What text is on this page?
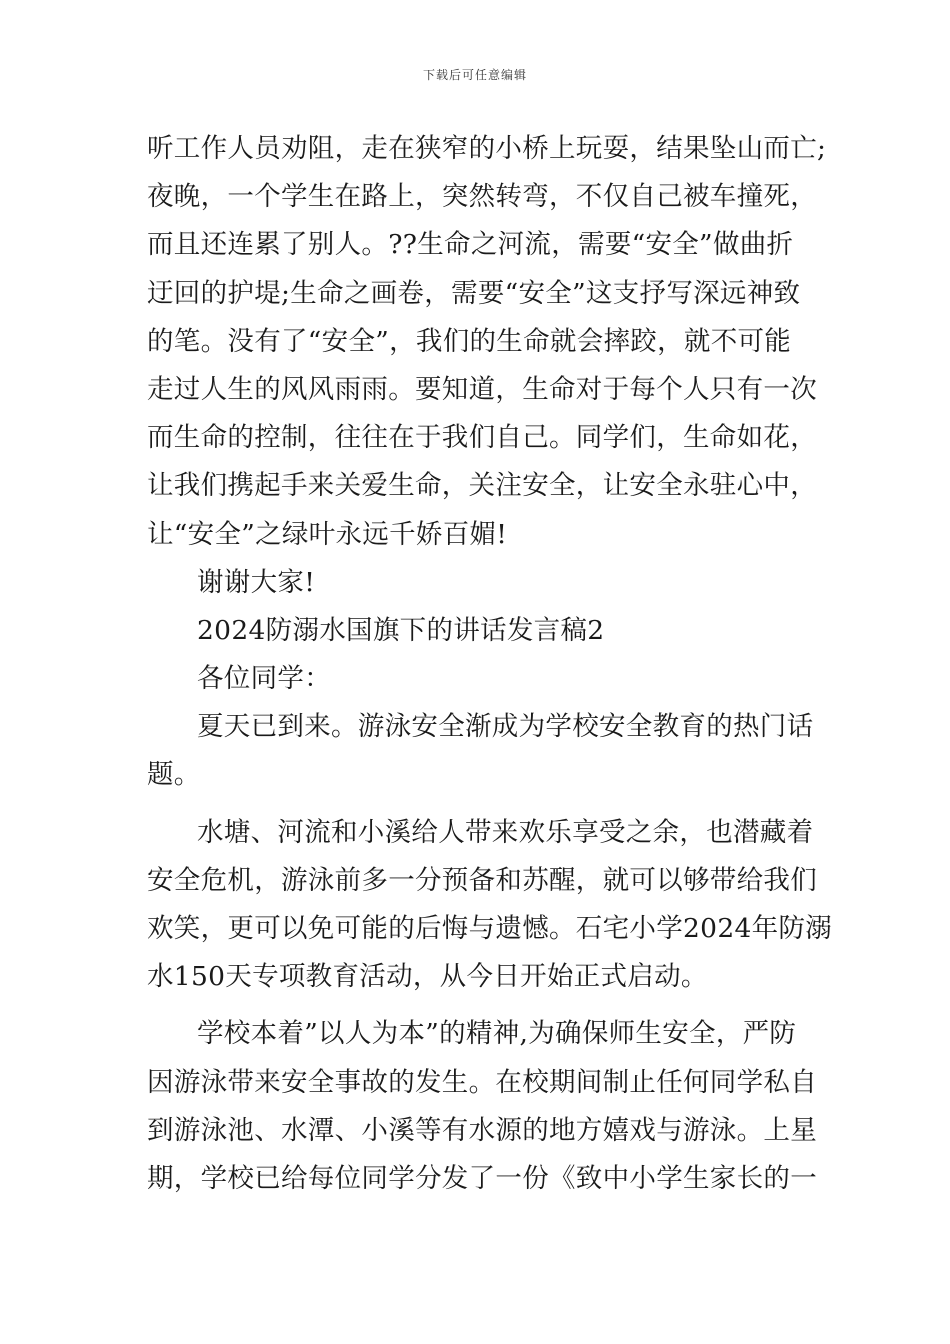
下载后可任意编辑
听工作人员劝阻，走在狭窄的小桥上玩耍，结果坠山而亡;
夜晚，一个学生在路上，突然转弯，不仅自己被车撞死，
而且还连累了别人。??生命之河流，需要“安全”做曲折
迂回的护堤;生命之画卷，需要“安全”这支抒写深远神致
的笔。没有了“安全”，我们的生命就会摔跤，就不可能
走过人生的风风雨雨。要知道，生命对于每个人只有一次
而生命的控制，往往在于我们自己。同学们，生命如花，
让我们携起手来关爱生命，关注安全，让安全永驻心中，
让“安全”之绿叶永远千娇百媚!
谢谢大家!
2024防溺水国旗下的讲话发言稿2
各位同学：
夏天已到来。游泳安全渐成为学校安全教育的热门话
题。
水塘、河流和小溪给人带来欢乐享受之余，也潜藏着
安全危机，游泳前多一分预备和苏醒，就可以够带给我们
欢笑，更可以免可能的后悔与遗憾。石宅小学2024年防溺
水150天专项教育活动，从今日开始正式启动。
学校本着”以人为本”的精神,为确保师生安全，严防
因游泳带来安全事故的发生。在校期间制止任何同学私自
到游泳池、水潭、小溪等有水源的地方嬉戏与游泳。上星
期，学校已给每位同学分发了一份《致中小学生家长的一
